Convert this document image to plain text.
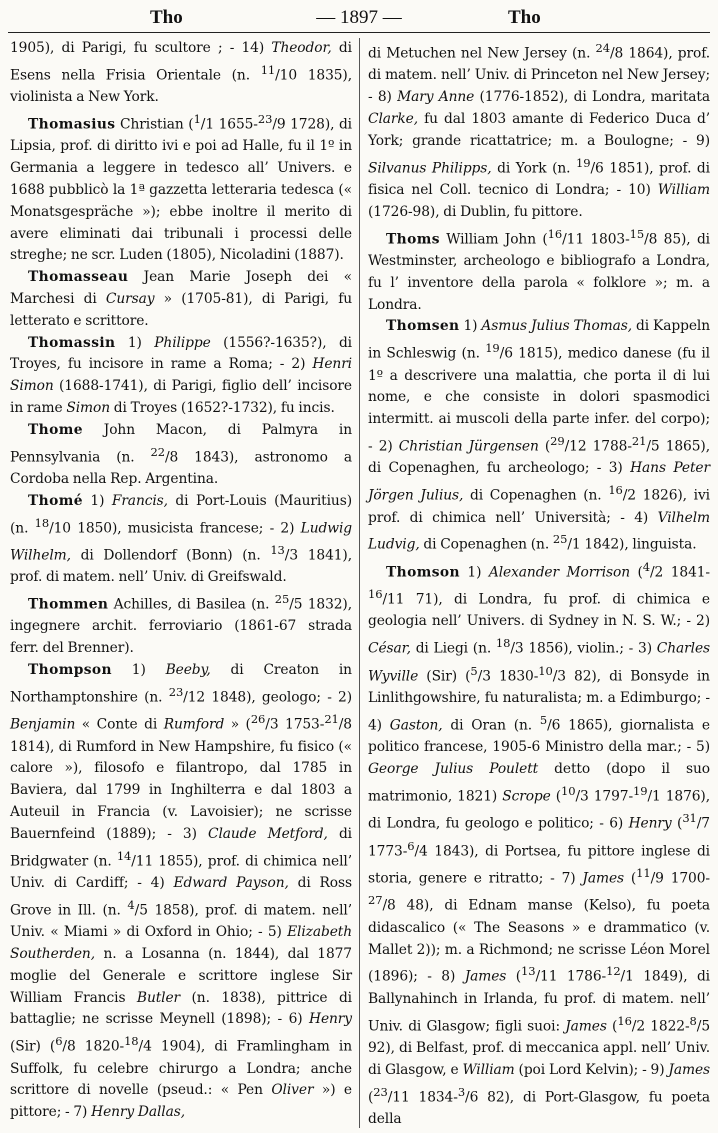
Tho	— 1897 —	Tho

1905), di Parigi, fu scultore ; - 14) Theodor, di Esens nella Frisia Orientale (n. $^{11}$/10 1835), violinista a New York.

Thomasius Christian ($^1$/1 1655-$^{23}$/9 1728), di Lipsia, prof. di diritto ivi e poi ad Halle, fu il 1º in Germania a leggere in tedesco all’ Univers. e 1688 pubblicò la 1ª gazzetta letteraria tedesca (« Monatsgespräche »); ebbe inoltre il merito di avere eliminati dai tribunali i processi delle streghe; ne scr. Luden (1805), Nicoladini (1887).

Thomasseau Jean Marie Joseph dei « Marchesi di Cursay » (1705-81), di Parigi, fu letterato e scrittore.

Thomassin 1) Philippe (1556?-1635?), di Troyes, fu incisore in rame a Roma; - 2) Henri Simon (1688-1741), di Parigi, figlio dell’ incisore in rame Simon di Troyes (1652?-1732), fu incis.

Thome John Macon, di Palmyra in Pennsylvania (n. $^{22}$/8 1843), astronomo a Cordoba nella Rep. Argentina.

Thomé 1) Francis, di Port-Louis (Mauritius) (n. $^{18}$/10 1850), musicista francese; - 2) Ludwig Wilhelm, di Dollendorf (Bonn) (n. $^{13}$/3 1841), prof. di matem. nell’ Univ. di Greifswald.

Thommen Achilles, di Basilea (n. $^{25}$/5 1832), ingegnere archit. ferroviario (1861-67 strada ferr. del Brenner).

Thompson 1) Beeby, di Creaton in Northamptonshire (n. $^{23}$/12 1848), geologo; - 2) Benjamin « Conte di Rumford » ($^{26}$/3 1753-$^{21}$/8 1814), di Rumford in New Hampshire, fu fisico (« calore »), filosofo e filantropo, dal 1785 in Baviera, dal 1799 in Inghilterra e dal 1803 a Auteuil in Francia (v. Lavoisier); ne scrisse Bauernfeind (1889); - 3) Claude Metford, di Bridgwater (n. $^{14}$/11 1855), prof. di chimica nell’ Univ. di Cardiff; - 4) Edward Payson, di Ross Grove in Ill. (n. $^4$/5 1858), prof. di matem. nell’ Univ. « Miami » di Oxford in Ohio; - 5) Elizabeth Southerden, n. a Losanna (n. 1844), dal 1877 moglie del Generale e scrittore inglese Sir William Francis Butler (n. 1838), pittrice di battaglie; ne scrisse Meynell (1898); - 6) Henry (Sir) ($^6$/8 1820-$^{18}$/4 1904), di Framlingham in Suffolk, fu celebre chirurgo a Londra; anche scrittore di novelle (pseud.: « Pen Oliver ») e pittore; - 7) Henry Dallas,

di Metuchen nel New Jersey (n. $^{24}$/8 1864), prof. di matem. nell’ Univ. di Princeton nel New Jersey; - 8) Mary Anne (1776-1852), di Londra, maritata Clarke, fu dal 1803 amante di Federico Duca d’ York; grande ricattatrice; m. a Boulogne; - 9) Silvanus Philipps, di York (n. $^{19}$/6 1851), prof. di fisica nel Coll. tecnico di Londra; - 10) William (1726-98), di Dublin, fu pittore.

Thoms William John ($^{16}$/11 1803-$^{15}$/8 85), di Westminster, archeologo e bibliografo a Londra, fu l’ inventore della parola « folklore »; m. a Londra.

Thomsen 1) Asmus Julius Thomas, di Kappeln in Schleswig (n. $^{19}$/6 1815), medico danese (fu il 1º a descrivere una malattia, che porta il di lui nome, e che consiste in dolori spasmodici intermitt. ai muscoli della parte infer. del corpo); - 2) Christian Jürgensen ($^{29}$/12 1788-$^{21}$/5 1865), di Copenaghen, fu archeologo; - 3) Hans Peter Jörgen Julius, di Copenaghen (n. $^{16}$/2 1826), ivi prof. di chimica nell’ Università; - 4) Vilhelm Ludvig, di Copenaghen (n. $^{25}$/1 1842), linguista.

Thomson 1) Alexander Morrison ($^4$/2 1841-$^{16}$/11 71), di Londra, fu prof. di chimica e geologia nell’ Univers. di Sydney in N. S. W.; - 2) César, di Liegi (n. $^{18}$/3 1856), violin.; - 3) Charles Wyville (Sir) ($^5$/3 1830-$^{10}$/3 82), di Bonsyde in Linlithgowshire, fu naturalista; m. a Edimburgo; - 4) Gaston, di Oran (n. $^5$/6 1865), giornalista e politico francese, 1905-6 Ministro della mar.; - 5) George Julius Poulett detto (dopo il suo matrimonio, 1821) Scrope ($^{10}$/3 1797-$^{19}$/1 1876), di Londra, fu geologo e politico; - 6) Henry ($^{31}$/7 1773-$^6$/4 1843), di Portsea, fu pittore inglese di storia, genere e ritratto; - 7) James ($^{11}$/9 1700-$^{27}$/8 48), di Ednam manse (Kelso), fu poeta didascalico (« The Seasons » e drammatico (v. Mallet 2)); m. a Richmond; ne scrisse Léon Morel (1896); - 8) James ($^{13}$/11 1786-$^{12}$/1 1849), di Ballynahinch in Irlanda, fu prof. di matem. nell’ Univ. di Glasgow; figli suoi: James ($^{16}$/2 1822-$^8$/5 92), di Belfast, prof. di meccanica appl. nell’ Univ. di Glasgow, e William (poi Lord Kelvin); - 9) James ($^{23}$/11 1834-$^3$/6 82), di Port-Glasgow, fu poeta della
